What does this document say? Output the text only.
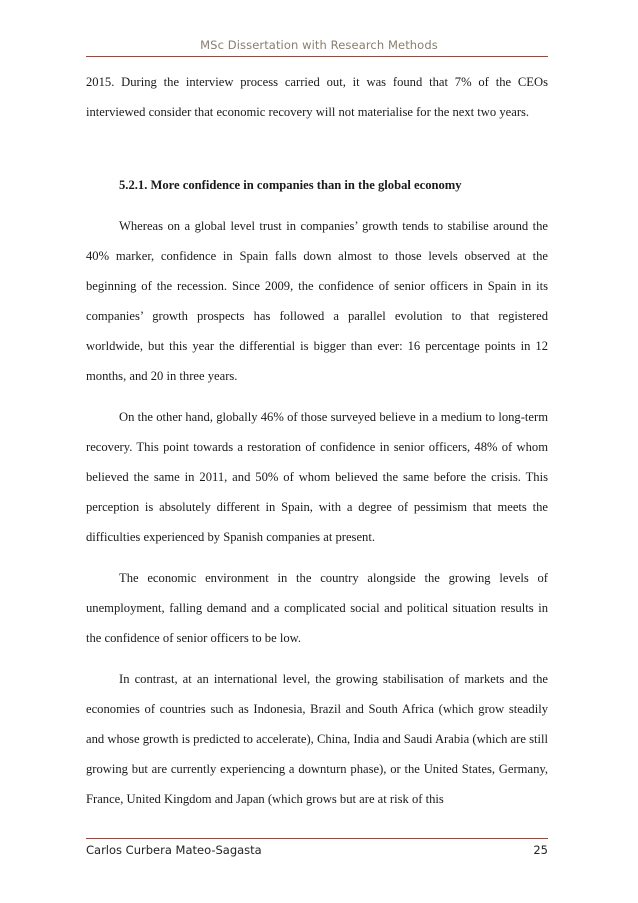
MSc Dissertation with Research Methods

2015. During the interview process carried out, it was found that 7% of the CEOs interviewed consider that economic recovery will not materialise for the next two years.

5.2.1. More confidence in companies than in the global economy

Whereas on a global level trust in companies’ growth tends to stabilise around the 40% marker, confidence in Spain falls down almost to those levels observed at the beginning of the recession. Since 2009, the confidence of senior officers in Spain in its companies’ growth prospects has followed a parallel evolution to that registered worldwide, but this year the differential is bigger than ever: 16 percentage points in 12 months, and 20 in three years.

On the other hand, globally 46% of those surveyed believe in a medium to long-term recovery. This point towards a restoration of confidence in senior officers, 48% of whom believed the same in 2011, and 50% of whom believed the same before the crisis. This perception is absolutely different in Spain, with a degree of pessimism that meets the difficulties experienced by Spanish companies at present.

The economic environment in the country alongside the growing levels of unemployment, falling demand and a complicated social and political situation results in the confidence of senior officers to be low.

In contrast, at an international level, the growing stabilisation of markets and the economies of countries such as Indonesia, Brazil and South Africa (which grow steadily and whose growth is predicted to accelerate), China, India and Saudi Arabia (which are still growing but are currently experiencing a downturn phase), or the United States, Germany, France, United Kingdom and Japan (which grows but are at risk of this

Carlos Curbera Mateo-Sagasta	25
